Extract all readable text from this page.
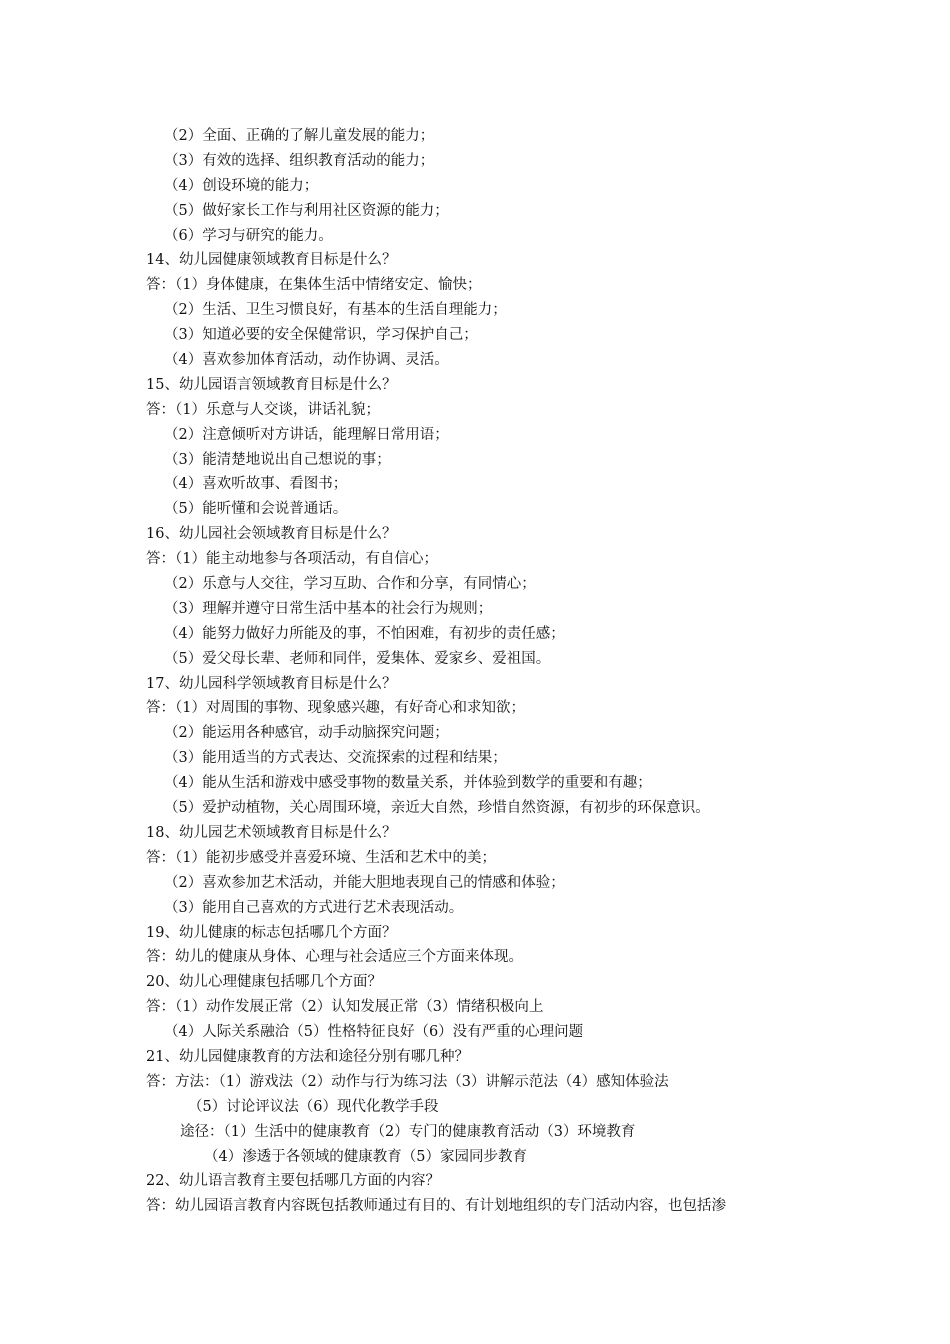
（2）全面、正确的了解儿童发展的能力；
（3）有效的选择、组织教育活动的能力；
（4）创设环境的能力；
（5）做好家长工作与利用社区资源的能力；
（6）学习与研究的能力。
14、幼儿园健康领域教育目标是什么？
答：（1）身体健康，在集体生活中情绪安定、愉快；
（2）生活、卫生习惯良好，有基本的生活自理能力；
（3）知道必要的安全保健常识，学习保护自己；
（4）喜欢参加体育活动，动作协调、灵活。
15、幼儿园语言领域教育目标是什么？
答：（1）乐意与人交谈，讲话礼貌；
（2）注意倾听对方讲话，能理解日常用语；
（3）能清楚地说出自己想说的事；
（4）喜欢听故事、看图书；
（5）能听懂和会说普通话。
16、幼儿园社会领域教育目标是什么？
答：（1）能主动地参与各项活动，有自信心；
（2）乐意与人交往，学习互助、合作和分享，有同情心；
（3）理解并遵守日常生活中基本的社会行为规则；
（4）能努力做好力所能及的事，不怕困难，有初步的责任感；
（5）爱父母长辈、老师和同伴，爱集体、爱家乡、爱祖国。
17、幼儿园科学领域教育目标是什么？
答：（1）对周围的事物、现象感兴趣，有好奇心和求知欲；
（2）能运用各种感官，动手动脑探究问题；
（3）能用适当的方式表达、交流探索的过程和结果；
（4）能从生活和游戏中感受事物的数量关系，并体验到数学的重要和有趣；
（5）爱护动植物，关心周围环境，亲近大自然，珍惜自然资源，有初步的环保意识。
18、幼儿园艺术领域教育目标是什么？
答：（1）能初步感受并喜爱环境、生活和艺术中的美；
（2）喜欢参加艺术活动，并能大胆地表现自己的情感和体验；
（3）能用自己喜欢的方式进行艺术表现活动。
19、幼儿健康的标志包括哪几个方面？
答：幼儿的健康从身体、心理与社会适应三个方面来体现。
20、幼儿心理健康包括哪几个方面？
答：（1）动作发展正常（2）认知发展正常（3）情绪积极向上
（4）人际关系融洽（5）性格特征良好（6）没有严重的心理问题
21、幼儿园健康教育的方法和途径分别有哪几种？
答：方法：（1）游戏法（2）动作与行为练习法（3）讲解示范法（4）感知体验法
（5）讨论评议法（6）现代化教学手段
途径：（1）生活中的健康教育（2）专门的健康教育活动（3）环境教育
（4）渗透于各领域的健康教育（5）家园同步教育
22、幼儿语言教育主要包括哪几方面的内容？
答：幼儿园语言教育内容既包括教师通过有目的、有计划地组织的专门活动内容，也包括渗
